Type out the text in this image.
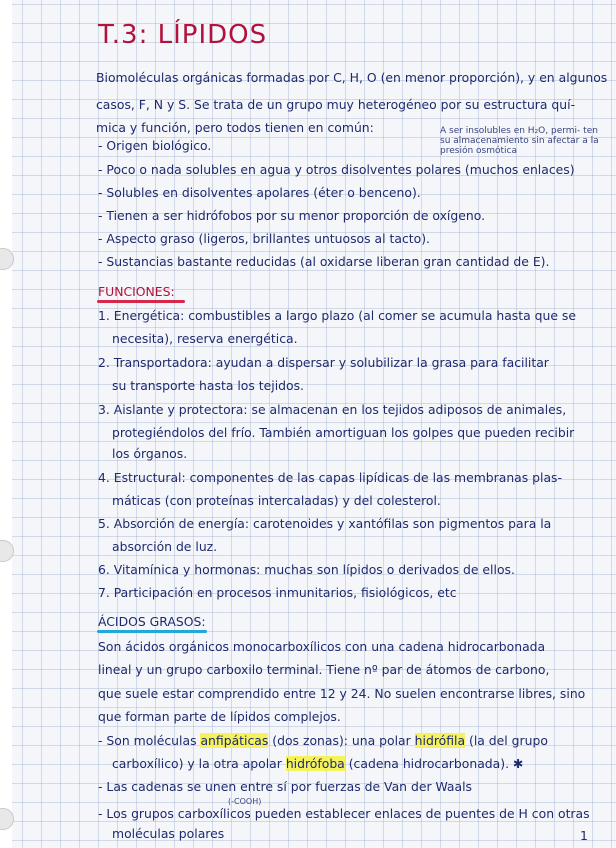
T.3: LÍPIDOS
Biomoléculas orgánicas formadas por C, H, O (en menor proporción), y en algunos
casos, F, N y S. Se trata de un grupo muy heterogéneo por su estructura quí-
mica y función, pero todos tienen en común:	A ser insolubles en H₂O, permi- ten su almacenamiento sin afectar a la presión osmótica
- Origen biológico.
- Poco o nada solubles en agua y otros disolventes polares (muchos enlaces)
- Solubles en disolventes apolares (éter o benceno).
- Tienen a ser hidrófobos por su menor proporción de oxígeno.
- Aspecto graso (ligeros, brillantes untuosos al tacto).
- Sustancias bastante reducidas (al oxidarse liberan gran cantidad de E).
FUNCIONES:
1. Energética: combustibles a largo plazo (al comer se acumula hasta que se
necesita), reserva energética.
2. Transportadora: ayudan a dispersar y solubilizar la grasa para facilitar
su transporte hasta los tejidos.
3. Aislante y protectora: se almacenan en los tejidos adiposos de animales,
protegiéndolos del frío. También amortiguan los golpes que pueden recibir
los órganos.
4. Estructural: componentes de las capas lipídicas de las membranas plas-
máticas (con proteínas intercaladas) y del colesterol.
5. Absorción de energía: carotenoides y xantófilas son pigmentos para la
absorción de luz.
6. Vitamínica y hormonas: muchas son lípidos o derivados de ellos.
7. Participación en procesos inmunitarios, fisiológicos, etc
ÁCIDOS GRASOS:
Son ácidos orgánicos monocarboxílicos con una cadena hidrocarbonada
lineal y un grupo carboxilo terminal. Tiene nº par de átomos de carbono,
que suele estar comprendido entre 12 y 24. No suelen encontrarse libres, sino
que forman parte de lípidos complejos.
- Son moléculas anfipáticas (dos zonas): una polar hidrófila (la del grupo
carboxílico) y la otra apolar hidrófoba (cadena hidrocarbonada). ✱
- Las cadenas se unen entre sí por fuerzas de Van der Waals
(-COOH)
- Los grupos carboxílicos pueden establecer enlaces de puentes de H con otras
moléculas polares	1
